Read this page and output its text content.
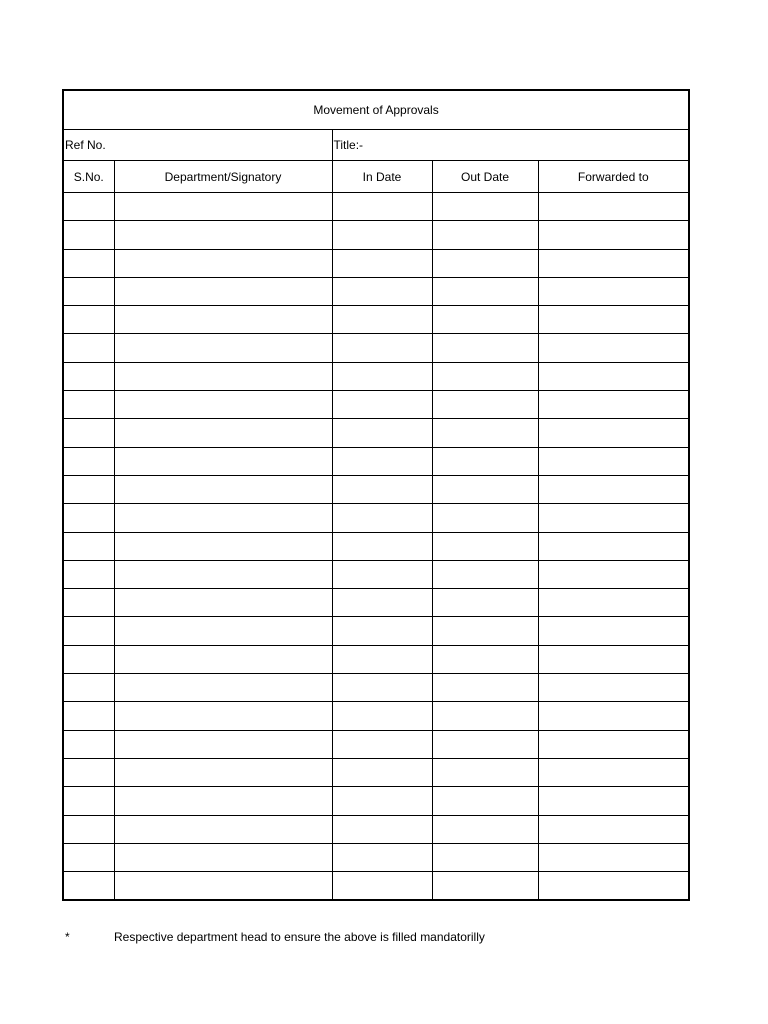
Movement of Approvals				
Ref No.		Title:-		
S.No.	Department/Signatory	In Date	Out Date	Forwarded to

*	Respective department head to ensure the above is filled mandatorilly
